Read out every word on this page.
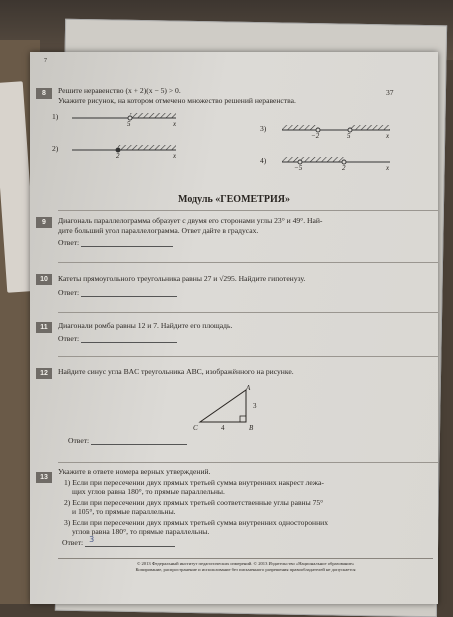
7
37
8	Решите неравенство (x + 2)(x − 5) > 0.
Укажите рисунок, на котором отмечено множество решений неравенства.
1)
5	x
2)
2	x
3)
−2	5	x
4)
−5	2	x
Модуль «ГЕОМЕТРИЯ»
9	Диагональ параллелограмма образует с двумя его сторонами углы 23° и 49°. Най-
дите больший угол параллелограмма. Ответ дайте в градусах.
Ответ:
10	Катеты прямоугольного треугольника равны 27 и √295. Найдите гипотенузу.
Ответ:
11	Диагонали ромба равны 12 и 7. Найдите его площадь.
Ответ:
12	Найдите синус угла BAC треугольника ABC, изображённого на рисунке.
A
B
C	4
3
Ответ:
13
Укажите в ответе номера верных утверждений.
1) Если при пересечении двух прямых третьей сумма внутренних накрест лежа-
щих углов равна 180°, то прямые параллельны.
2) Если при пересечении двух прямых третьей соответственные углы равны 75°
и 105°, то прямые параллельны.
3) Если при пересечении двух прямых третьей сумма внутренних односторонних
углов равна 180°, то прямые параллельны.
Ответ: 3
© 2013 Федеральный институт педагогических измерений. © 2013 Издательство «Национальное образование»
Копирование, распространение и использование без письменного разрешения правообладателей не допускается
